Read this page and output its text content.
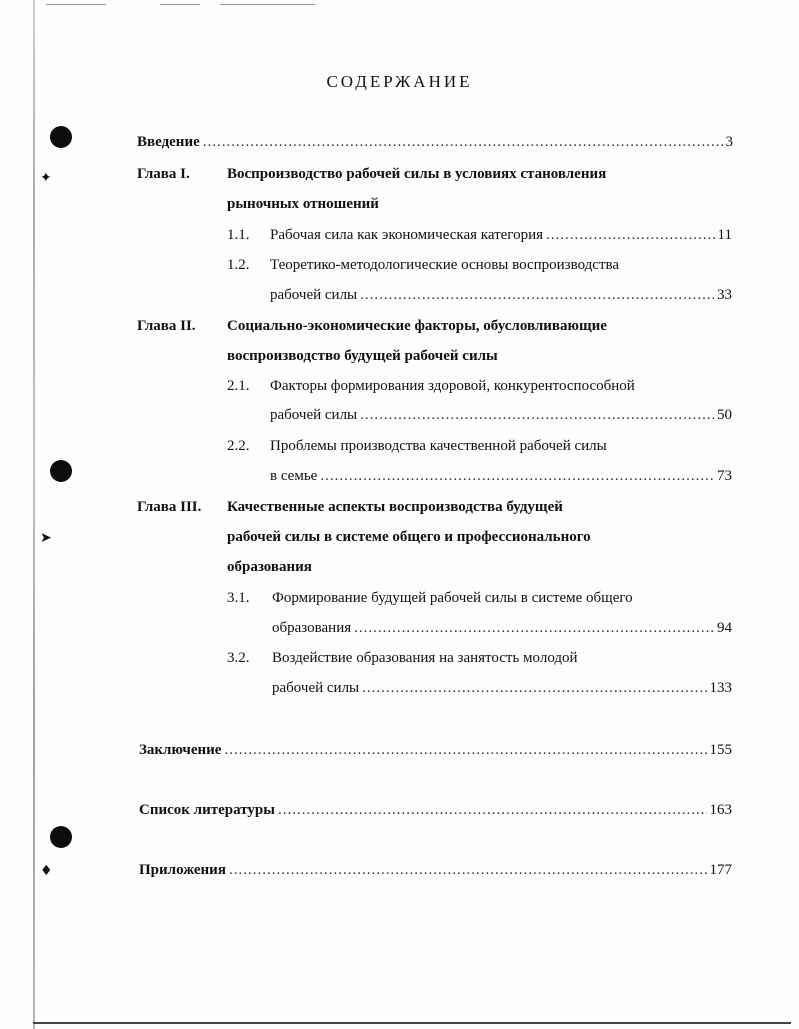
✦
➤
♦
СОДЕРЖАНИЕ
Введение .....	3
Глава I. Воспроизводство рабочей силы в условиях становления
рыночных отношений
1.1. Рабочая сила как экономическая категория .....	11
1.2. Теоретико-методологические основы воспроизводства
рабочей силы .....	33
Глава II. Социально-экономические факторы, обусловливающие
воспроизводство будущей рабочей силы
2.1. Факторы формирования здоровой, конкурентоспособной
рабочей силы .....	50
2.2. Проблемы производства качественной рабочей силы
в семье .....	73
Глава III. Качественные аспекты воспроизводства будущей
рабочей силы в системе общего и профессионального
образования
3.1. Формирование будущей рабочей силы в системе общего
образования .....	94
3.2. Воздействие образования на занятость молодой
рабочей силы .....	133
Заключение .....	155
Список литературы .....	163
Приложения .....	177
